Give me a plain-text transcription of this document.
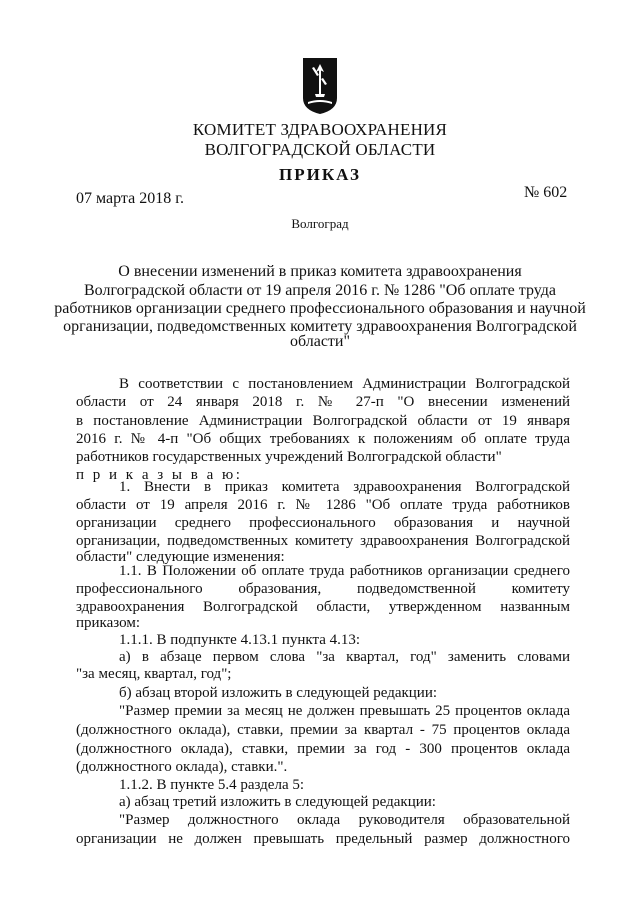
КОМИТЕТ ЗДРАВООХРАНЕНИЯ
ВОЛГОГРАДСКОЙ ОБЛАСТИ
ПРИКАЗ
07 марта 2018 г.	№ 602
Волгоград
О внесении изменений в приказ комитета здравоохранения
Волгоградской области от 19 апреля 2016 г. № 1286 "Об оплате труда
работников организации среднего профессионального образования и научной
организации, подведомственных комитету здравоохранения Волгоградской
области"
В соответствии с постановлением Администрации Волгоградской
области от 24 января 2018 г. № 27-п "О внесении изменений
в постановление Администрации Волгоградской области от 19 января
2016 г. № 4-п "Об общих требованиях к положениям об оплате труда
работников государственных учреждений Волгоградской области"
п р и к а з ы в а ю:
1. Внести в приказ комитета здравоохранения Волгоградской
области от 19 апреля 2016 г. № 1286 "Об оплате труда работников
организации среднего профессионального образования и научной
организации, подведомственных комитету здравоохранения Волгоградской
области" следующие изменения:
1.1. В Положении об оплате труда работников организации среднего
профессионального образования, подведомственной комитету
здравоохранения Волгоградской области, утвержденном названным
приказом:
1.1.1. В подпункте 4.13.1 пункта 4.13:
а) в абзаце первом слова "за квартал, год" заменить словами
"за месяц, квартал, год";
б) абзац второй изложить в следующей редакции:
"Размер премии за месяц не должен превышать 25 процентов оклада
(должностного оклада), ставки, премии за квартал - 75 процентов оклада
(должностного оклада), ставки, премии за год - 300 процентов оклада
(должностного оклада), ставки.".
1.1.2. В пункте 5.4 раздела 5:
а) абзац третий изложить в следующей редакции:
"Размер должностного оклада руководителя образовательной
организации не должен превышать предельный размер должностного
